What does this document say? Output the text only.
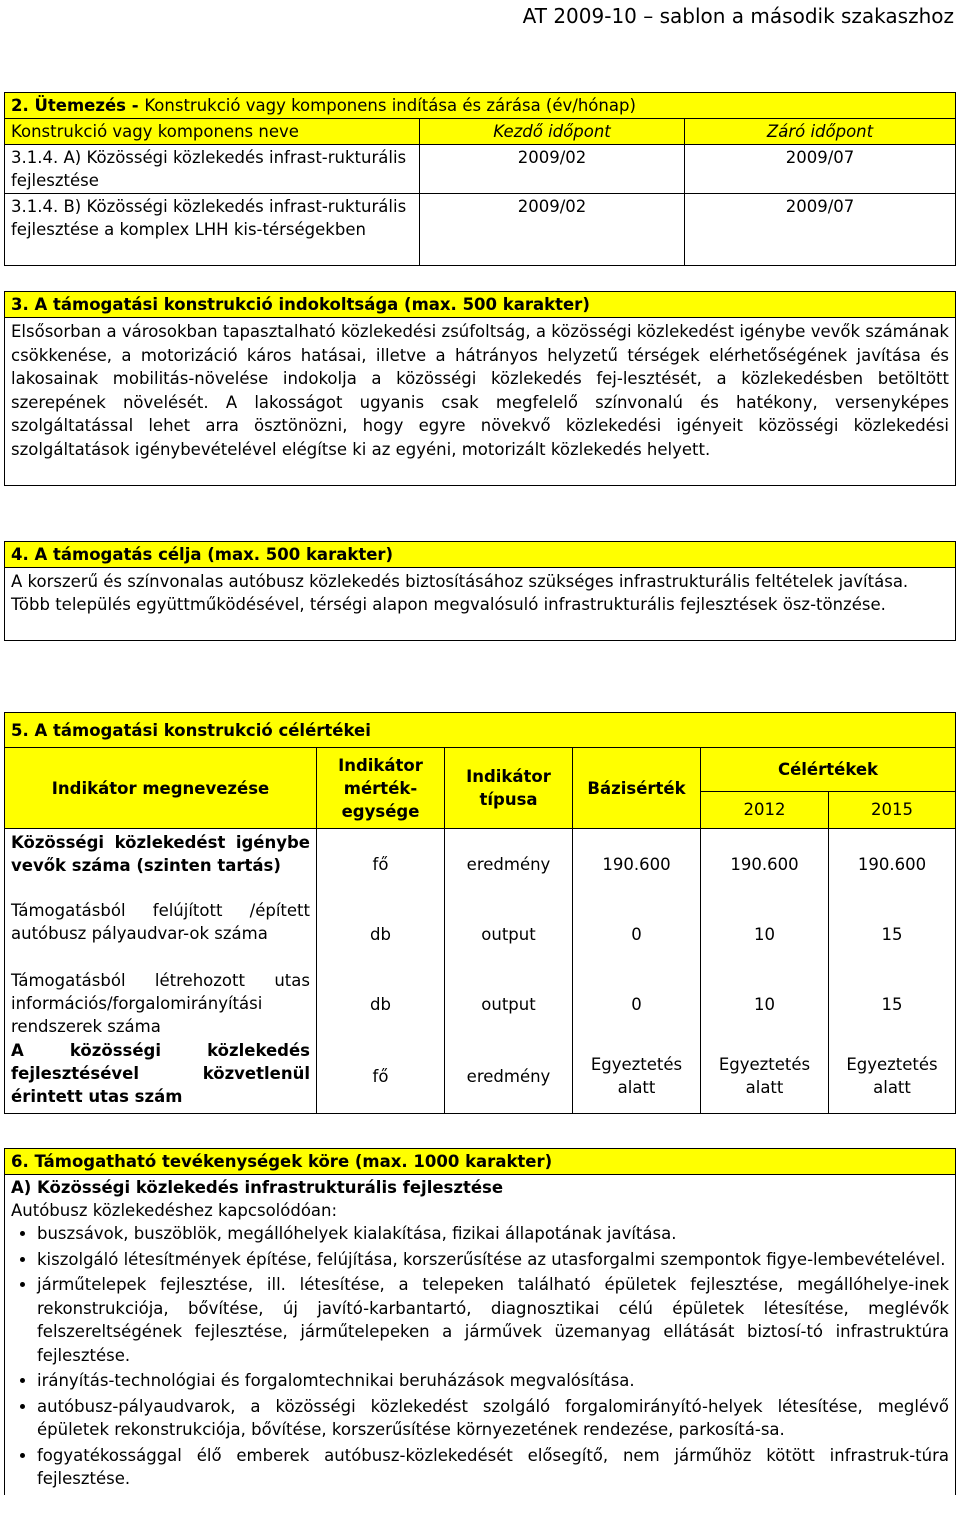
AT 2009-10 – sablon a második szakaszhoz
2. Ütemezés - Konstrukció vagy komponens indítása és zárása (év/hónap)		
Konstrukció vagy komponens neve	Kezdő időpont	Záró időpont
3.1.4. A) Közösségi közlekedés infrast-rukturális fejlesztése	2009/02	2009/07
3.1.4. B) Közösségi közlekedés infrast-rukturális fejlesztése a komplex LHH kis-térségekben	2009/02	2009/07
3. A támogatási konstrukció indokoltsága (max. 500 karakter)
Elsősorban a városokban tapasztalható közlekedési zsúfoltság, a közösségi közlekedést igénybe vevők számának csökkenése, a motorizáció káros hatásai, illetve a hátrányos helyzetű térségek elérhetőségének javítása és lakosainak mobilitás-növelése indokolja a közösségi közlekedés fej-lesztését, a közlekedésben betöltött szerepének növelését. A lakosságot ugyanis csak megfelelő színvonalú és hatékony, versenyképes szolgáltatással lehet arra ösztönözni, hogy egyre növekvő közlekedési igényeit közösségi közlekedési szolgáltatások igénybevételével elégítse ki az egyéni, motorizált közlekedés helyett.
4. A támogatás célja (max. 500 karakter)

A korszerű és színvonalas autóbusz közlekedés biztosításához szükséges infrastrukturális feltételek javítása.
Több település együttműködésével, térségi alapon megvalósuló infrastrukturális fejlesztések ösz-tönzése.
5. A támogatási konstrukció célértékei					
Indikátor megnevezése	Indikátor mérték-egysége	Indikátor típusa	Bázisérték	Célértékek	
				2012	2015
Közösségi közlekedést igénybe vevők száma (szinten tartás)	fő	eredmény	190.600	190.600	190.600
Támogatásból felújított /épített autóbusz pályaudvar-ok száma	db	output	0	10	15
Támogatásból létrehozott utas információs/forgalomirányítási rendszerek száma	db	output	0	10	15
A közösségi közlekedés fejlesztésével közvetlenül érintett utas szám	fő	eredmény	Egyeztetés alatt	Egyeztetés alatt	Egyeztetés alatt
6. Támogatható tevékenységek köre (max. 1000 karakter)

A) Közösségi közlekedés infrastrukturális fejlesztése
Autóbusz közlekedéshez kapcsolódóan:
• buszsávok, buszöblök, megállóhelyek kialakítása, fizikai állapotának javítása.
• kiszolgáló létesítmények építése, felújítása, korszerűsítése az utasforgalmi szempontok figye-lembevételével.
• járműtelepek fejlesztése, ill. létesítése, a telepeken található épületek fejlesztése, megállóhelye-inek rekonstrukciója, bővítése, új javító-karbantartó, diagnosztikai célú épületek létesítése, meglévők felszereltségének fejlesztése, járműtelepeken a járművek üzemanyag ellátását biztosí-tó infrastruktúra fejlesztése.
• irányítás-technológiai és forgalomtechnikai beruházások megvalósítása.
• autóbusz-pályaudvarok, a közösségi közlekedést szolgáló forgalomirányító-helyek létesítése, meglévő épületek rekonstrukciója, bővítése, korszerűsítése környezetének rendezése, parkosítá-sa.
• fogyatékossággal élő emberek autóbusz-közlekedését elősegítő, nem járműhöz kötött infrastruk-túra fejlesztése.
